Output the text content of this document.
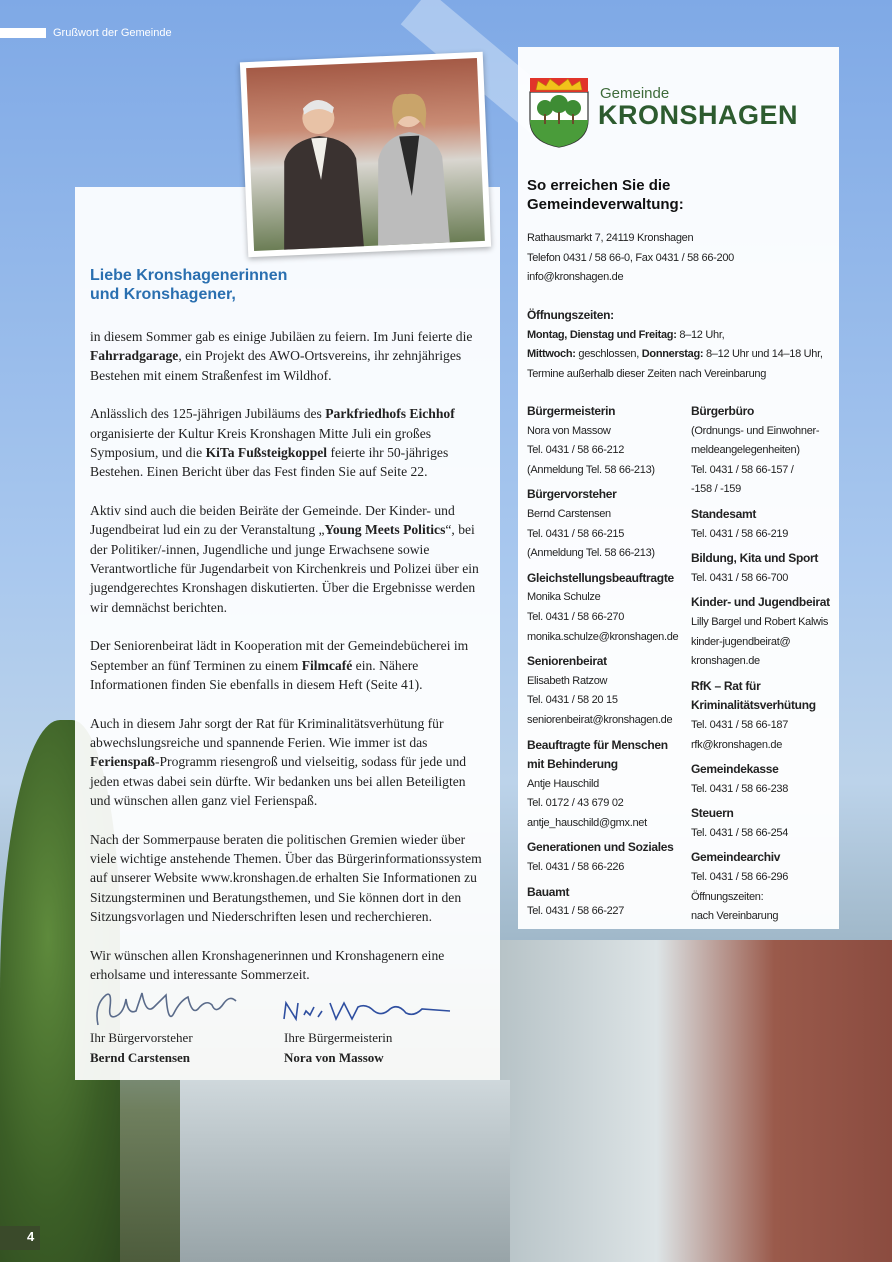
Grußwort der Gemeinde
Liebe Kronshagenerinnen
und Kronshagener,

in diesem Sommer gab es einige Jubiläen zu feiern. Im Juni feierte die Fahrradgarage, ein Projekt des AWO-Ortsvereins, ihr zehnjähriges Bestehen mit einem Straßenfest im Wildhof.

Anlässlich des 125-jährigen Jubiläums des Parkfriedhofs Eichhof organisierte der Kultur Kreis Kronshagen Mitte Juli ein großes Symposium, und die KiTa Fußsteigkoppel feierte ihr 50-jähriges Bestehen. Einen Bericht über das Fest finden Sie auf Seite 22.

Aktiv sind auch die beiden Beiräte der Gemeinde. Der Kinder- und Jugendbeirat lud ein zu der Veranstaltung „Young Meets Politics“, bei der Politiker/-innen, Jugendliche und junge Erwachsene sowie Verantwortliche für Jugendarbeit von Kirchenkreis und Polizei über ein jugendgerechtes Kronshagen diskutierten. Über die Ergebnisse werden wir demnächst berichten.

Der Seniorenbeirat lädt in Kooperation mit der Gemeindebücherei im September an fünf Terminen zu einem Filmcafé ein. Nähere Informationen finden Sie ebenfalls in diesem Heft (Seite 41).

Auch in diesem Jahr sorgt der Rat für Kriminalitätsverhütung für abwechslungsreiche und spannende Ferien. Wie immer ist das Ferienspaß-Programm riesengroß und vielseitig, sodass für jede und jeden etwas dabei sein dürfte. Wir bedanken uns bei allen Beteiligten und wünschen allen ganz viel Ferienspaß.

Nach der Sommerpause beraten die politischen Gremien wieder über viele wichtige anstehende Themen. Über das Bürgerinformationssystem auf unserer Website www.kronshagen.de erhalten Sie Informationen zu Sitzungsterminen und Beratungsthemen, und Sie können dort in den Sitzungsvorlagen und Niederschriften lesen und recherchieren.

Wir wünschen allen Kronshagenerinnen und Kronshagenern eine erholsame und interessante Sommerzeit.

Ihr Bürgervorsteher
Bernd Carstensen
Ihre Bürgermeisterin
Nora von Massow
Gemeinde
KRONSHAGEN
So erreichen Sie die
Gemeindeverwaltung:
Rathausmarkt 7, 24119 Kronshagen
Telefon 0431 / 58 66-0, Fax 0431 / 58 66-200
info@kronshagen.de
Öffnungszeiten:
Montag, Dienstag und Freitag: 8–12 Uhr,
Mittwoch: geschlossen, Donnerstag: 8–12 Uhr und 14–18 Uhr,
Termine außerhalb dieser Zeiten nach Vereinbarung
Bürgermeisterin
Nora von Massow
Tel. 0431 / 58 66-212
(Anmeldung Tel. 58 66-213)
Bürgervorsteher
Bernd Carstensen
Tel. 0431 / 58 66-215
(Anmeldung Tel. 58 66-213)
Gleichstellungsbeauftragte
Monika Schulze
Tel. 0431 / 58 66-270
monika.schulze@kronshagen.de
Seniorenbeirat
Elisabeth Ratzow
Tel. 0431 / 58 20 15
seniorenbeirat@kronshagen.de
Beauftragte für Menschen mit Behinderung
Antje Hauschild
Tel. 0172 / 43 679 02
antje_hauschild@gmx.net
Generationen und Soziales
Tel. 0431 / 58 66-226
Bauamt
Tel. 0431 / 58 66-227
Bürgerbüro
(Ordnungs- und Einwohner-
meldeangelegenheiten)
Tel. 0431 / 58 66-157 /
-158 / -159
Standesamt
Tel. 0431 / 58 66-219
Bildung, Kita und Sport
Tel. 0431 / 58 66-700
Kinder- und Jugendbeirat
Lilly Bargel und Robert Kalwis
kinder-jugendbeirat@
kronshagen.de
RfK – Rat für Kriminalitätsverhütung
Tel. 0431 / 58 66-187
rfk@kronshagen.de
Gemeindekasse
Tel. 0431 / 58 66-238
Steuern
Tel. 0431 / 58 66-254
Gemeindearchiv
Tel. 0431 / 58 66-296
Öffnungszeiten:
nach Vereinbarung
4
